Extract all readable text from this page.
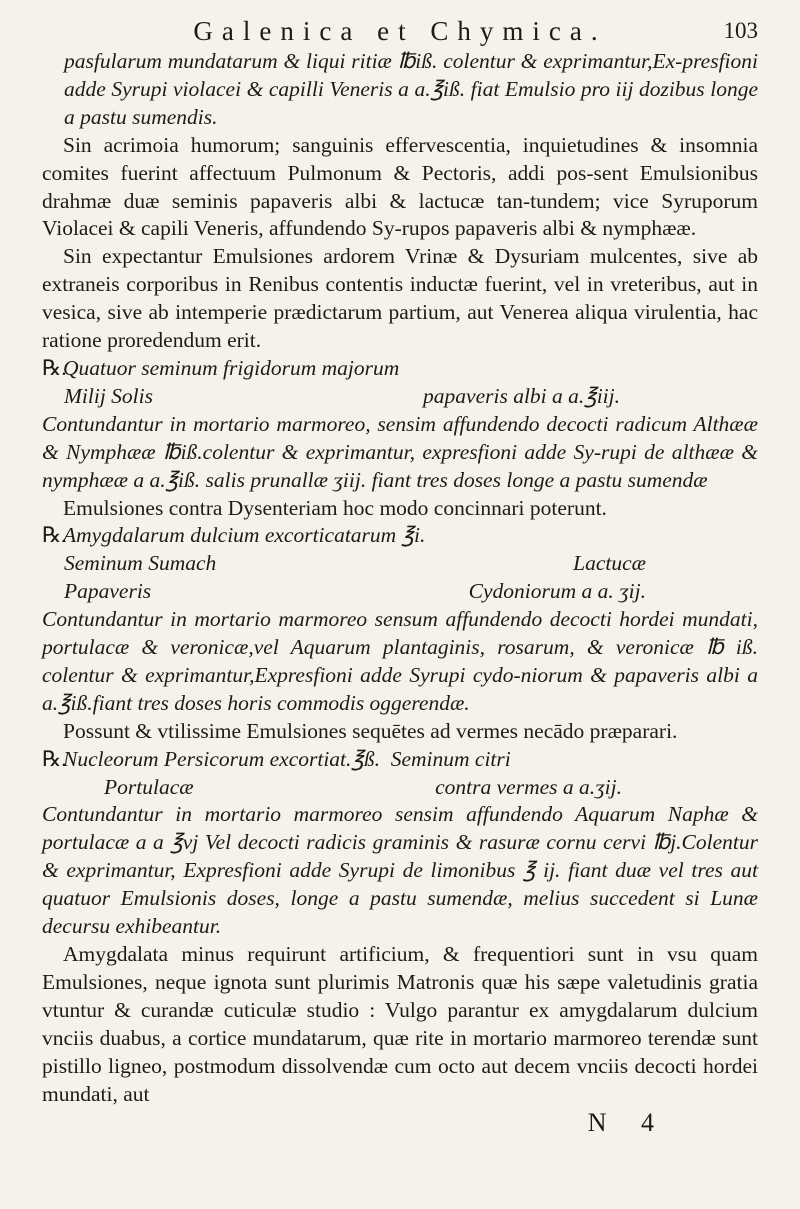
Galenica et Chymica.	103

pasfularum mundatarum & liqui ritiæ ℔iß. colentur & exprimantur,Ex-presfioni adde Syrupi violacei & capilli Veneris a a.℥iß. fiat Emulsio pro iij dozibus longe a pastu sumendis.

Sin acrimoia humorum; sanguinis effervescentia, inquietudines & insomnia comites fuerint affectuum Pulmonum & Pectoris, addi pos-sent Emulsionibus drahmæ duæ seminis papaveris albi & lactucæ tan-tundem; vice Syruporum Violacei & capili Veneris, affundendo Sy-rupos papaveris albi & nymphææ.

Sin expectantur Emulsiones ardorem Vrinæ & Dysuriam mulcentes, sive ab extraneis corporibus in Renibus contentis inductæ fuerint, vel in vreteribus, aut in vesica, sive ab intemperie prædictarum partium, aut Venerea aliqua virulentia, hac ratione proredendum erit.

℞.Quatuor seminum frigidorum majorum

Milij Solis	papaveris albi a a.℥iij.

Contundantur in mortario marmoreo, sensim affundendo decocti radicum Althææ & Nymphææ ℔iß.colentur & exprimantur, expresfioni adde Sy-rupi de althææ & nymphææ a a.℥iß. salis prunallæ ʒiij. fiant tres doses longe a pastu sumendæ

Emulsiones contra Dysenteriam hoc modo concinnari poterunt.

℞.Amygdalarum dulcium excorticatarum ℥i.

Seminum Sumach	Lactucæ
Papaveris	Cydoniorum a a. ʒij.

Contundantur in mortario marmoreo sensum affundendo decocti hordei mundati, portulacæ & veronicæ,vel Aquarum plantaginis, rosarum, & veronicæ ℔ iß. colentur & exprimantur,Expresfioni adde Syrupi cydo-niorum & papaveris albi a a.℥iß.fiant tres doses horis commodis oggerendæ.

Possunt & vtilissime Emulsiones sequētes ad vermes necādo præparari.

℞.Nucleorum Persicorum excortiat.℥ß. Seminum citri

Portulacæ	contra vermes a a.ʒij.

Contundantur in mortario marmoreo sensim affundendo Aquarum Naphæ & portulacæ a a ℥vj Vel decocti radicis graminis & rasuræ cornu cervi ℔j.Colentur & exprimantur, Expresfioni adde Syrupi de limonibus ℥ ij. fiant duæ vel tres aut quatuor Emulsionis doses, longe a pastu sumendæ, melius succedent si Lunæ decursu exhibeantur.

Amygdalata minus requirunt artificium, & frequentiori sunt in vsu quam Emulsiones, neque ignota sunt plurimis Matronis quæ his sæpe valetudinis gratia vtuntur & curandæ cuticulæ studio : Vulgo parantur ex amygdalarum dulcium vnciis duabus, a cortice mundatarum, quæ rite in mortario marmoreo terendæ sunt pistillo ligneo, postmodum dissolvendæ cum octo aut decem vnciis decocti hordei mundati, aut

N 4
